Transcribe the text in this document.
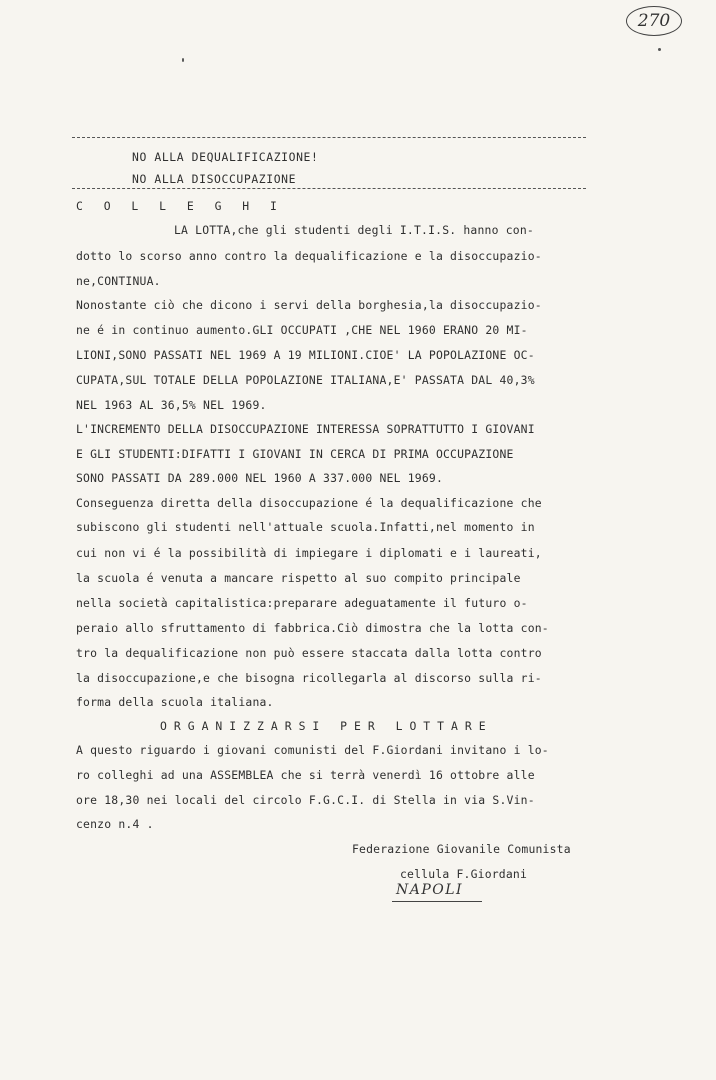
270
NO ALLA DEQUALIFICAZIONE!
NO ALLA DISOCCUPAZIONE
C O L L E G H I
LA LOTTA,che gli studenti degli I.T.I.S. hanno con-
dotto lo scorso anno contro la dequalificazione e la disoccupazio-
ne,CONTINUA.
Nonostante ciò che dicono i servi della borghesia,la disoccupazio-
ne é in continuo aumento.GLI OCCUPATI ,CHE NEL 1960 ERANO 20 MI-
LIONI,SONO PASSATI NEL 1969 A 19 MILIONI.CIOE' LA POPOLAZIONE OC-
CUPATA,SUL TOTALE DELLA POPOLAZIONE ITALIANA,E' PASSATA DAL 40,3%
NEL 1963 AL 36,5% NEL 1969.
L'INCREMENTO DELLA DISOCCUPAZIONE INTERESSA SOPRATTUTTO I GIOVANI
E GLI STUDENTI:DIFATTI I GIOVANI IN CERCA DI PRIMA OCCUPAZIONE
SONO PASSATI DA 289.000 NEL 1960 A 337.000 NEL 1969.
Conseguenza diretta della disoccupazione é la dequalificazione che
subiscono gli studenti nell'attuale scuola.Infatti,nel momento in
cui non vi é la possibilità di impiegare i diplomati e i laureati,
la scuola é venuta a mancare rispetto al suo compito principale
nella società capitalistica:preparare adeguatamente il futuro o-
peraio allo sfruttamento di fabbrica.Ciò dimostra che la lotta con-
tro la dequalificazione non può essere staccata dalla lotta contro
la disoccupazione,e che bisogna ricollegarla al discorso sulla ri-
forma della scuola italiana.
ORGANIZZARSI PER LOTTARE
A questo riguardo i giovani comunisti del F.Giordani invitano i lo-
ro colleghi ad una ASSEMBLEA che si terrà venerdì 16 ottobre alle
ore 18,30 nei locali del circolo F.G.C.I. di Stella in via S.Vin-
cenzo n.4 .
Federazione Giovanile Comunista
cellula F.Giordani
NAPOLI
